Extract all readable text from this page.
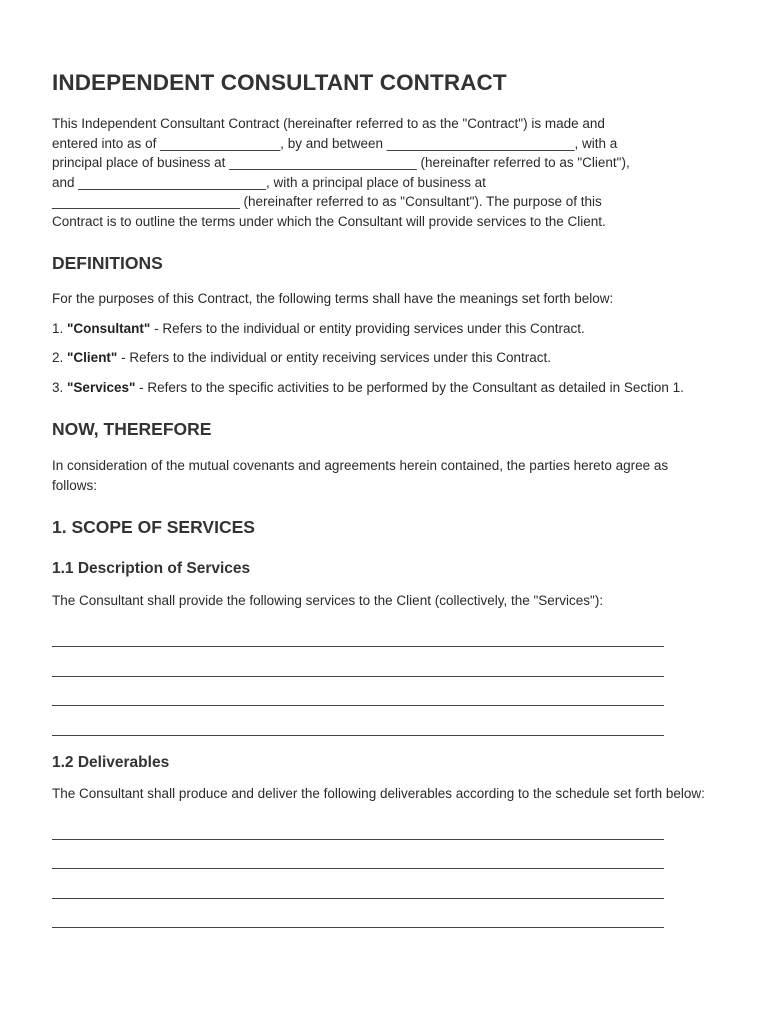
INDEPENDENT CONSULTANT CONTRACT

This Independent Consultant Contract (hereinafter referred to as the "Contract") is made and
entered into as of ________________, by and between _________________________, with a
principal place of business at _________________________ (hereinafter referred to as "Client"),
and _________________________, with a principal place of business at
_________________________ (hereinafter referred to as "Consultant"). The purpose of this
Contract is to outline the terms under which the Consultant will provide services to the Client.

DEFINITIONS

For the purposes of this Contract, the following terms shall have the meanings set forth below:

1. "Consultant" - Refers to the individual or entity providing services under this Contract.

2. "Client" - Refers to the individual or entity receiving services under this Contract.

3. "Services" - Refers to the specific activities to be performed by the Consultant as detailed in Section 1.

NOW, THEREFORE

In consideration of the mutual covenants and agreements herein contained, the parties hereto agree as follows:

1. SCOPE OF SERVICES
1.1 Description of Services

The Consultant shall provide the following services to the Client (collectively, the "Services"):

1.2 Deliverables

The Consultant shall produce and deliver the following deliverables according to the schedule set forth below:
